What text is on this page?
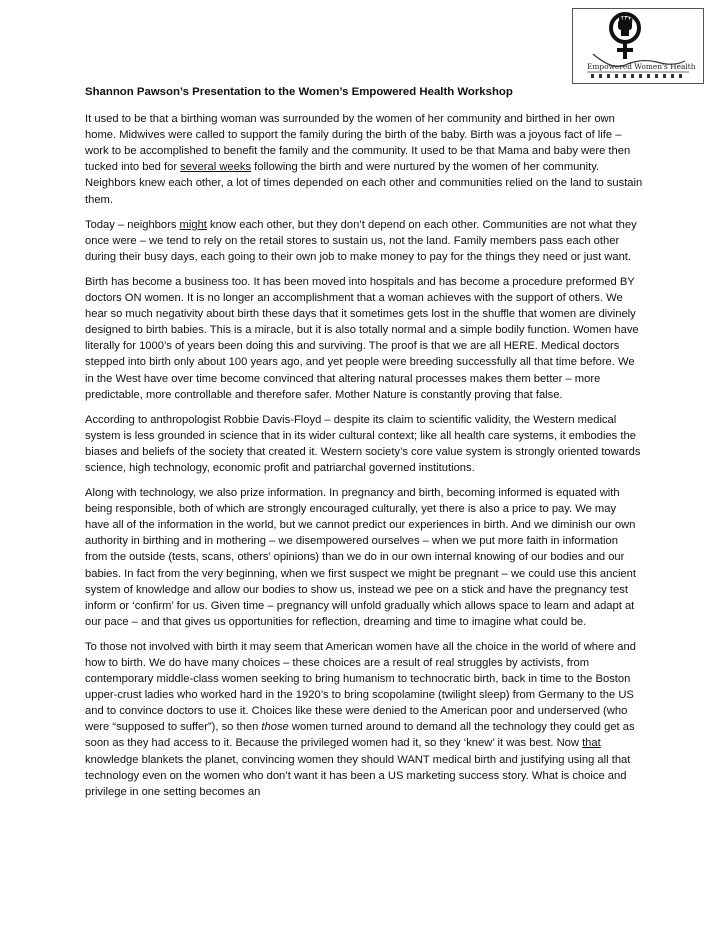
Empowered Women's Health
Shannon Pawson’s Presentation to the Women’s Empowered Health Workshop

It used to be that a birthing woman was surrounded by the women of her community and birthed in her own home. Midwives were called to support the family during the birth of the baby. Birth was a joyous fact of life – work to be accomplished to benefit the family and the community. It used to be that Mama and baby were then tucked into bed for several weeks following the birth and were nurtured by the women of her community. Neighbors knew each other, a lot of times depended on each other and communities relied on the land to sustain them.

Today – neighbors might know each other, but they don’t depend on each other. Communities are not what they once were – we tend to rely on the retail stores to sustain us, not the land. Family members pass each other during their busy days, each going to their own job to make money to pay for the things they need or just want.

Birth has become a business too. It has been moved into hospitals and has become a procedure preformed BY doctors ON women. It is no longer an accomplishment that a woman achieves with the support of others. We hear so much negativity about birth these days that it sometimes gets lost in the shuffle that women are divinely designed to birth babies. This is a miracle, but it is also totally normal and a simple bodily function. Women have literally for 1000’s of years been doing this and surviving. The proof is that we are all HERE. Medical doctors stepped into birth only about 100 years ago, and yet people were breeding successfully all that time before. We in the West have over time become convinced that altering natural processes makes them better – more predictable, more controllable and therefore safer. Mother Nature is constantly proving that false.

According to anthropologist Robbie Davis-Floyd – despite its claim to scientific validity, the Western medical system is less grounded in science that in its wider cultural context; like all health care systems, it embodies the biases and beliefs of the society that created it. Western society’s core value system is strongly oriented towards science, high technology, economic profit and patriarchal governed institutions.

Along with technology, we also prize information. In pregnancy and birth, becoming informed is equated with being responsible, both of which are strongly encouraged culturally, yet there is also a price to pay. We may have all of the information in the world, but we cannot predict our experiences in birth. And we diminish our own authority in birthing and in mothering – we disempowered ourselves – when we put more faith in information from the outside (tests, scans, others’ opinions) than we do in our own internal knowing of our bodies and our babies. In fact from the very beginning, when we first suspect we might be pregnant – we could use this ancient system of knowledge and allow our bodies to show us, instead we pee on a stick and have the pregnancy test inform or ‘confirm’ for us. Given time – pregnancy will unfold gradually which allows space to learn and adapt at our pace – and that gives us opportunities for reflection, dreaming and time to imagine what could be.

To those not involved with birth it may seem that American women have all the choice in the world of where and how to birth. We do have many choices – these choices are a result of real struggles by activists, from contemporary middle-class women seeking to bring humanism to technocratic birth, back in time to the Boston upper-crust ladies who worked hard in the 1920’s to bring scopolamine (twilight sleep) from Germany to the US and to convince doctors to use it. Choices like these were denied to the American poor and underserved (who were “supposed to suffer”), so then those women turned around to demand all the technology they could get as soon as they had access to it. Because the privileged women had it, so they ‘knew’ it was best. Now that knowledge blankets the planet, convincing women they should WANT medical birth and justifying using all that technology even on the women who don’t want it has been a US marketing success story. What is choice and privilege in one setting becomes an
